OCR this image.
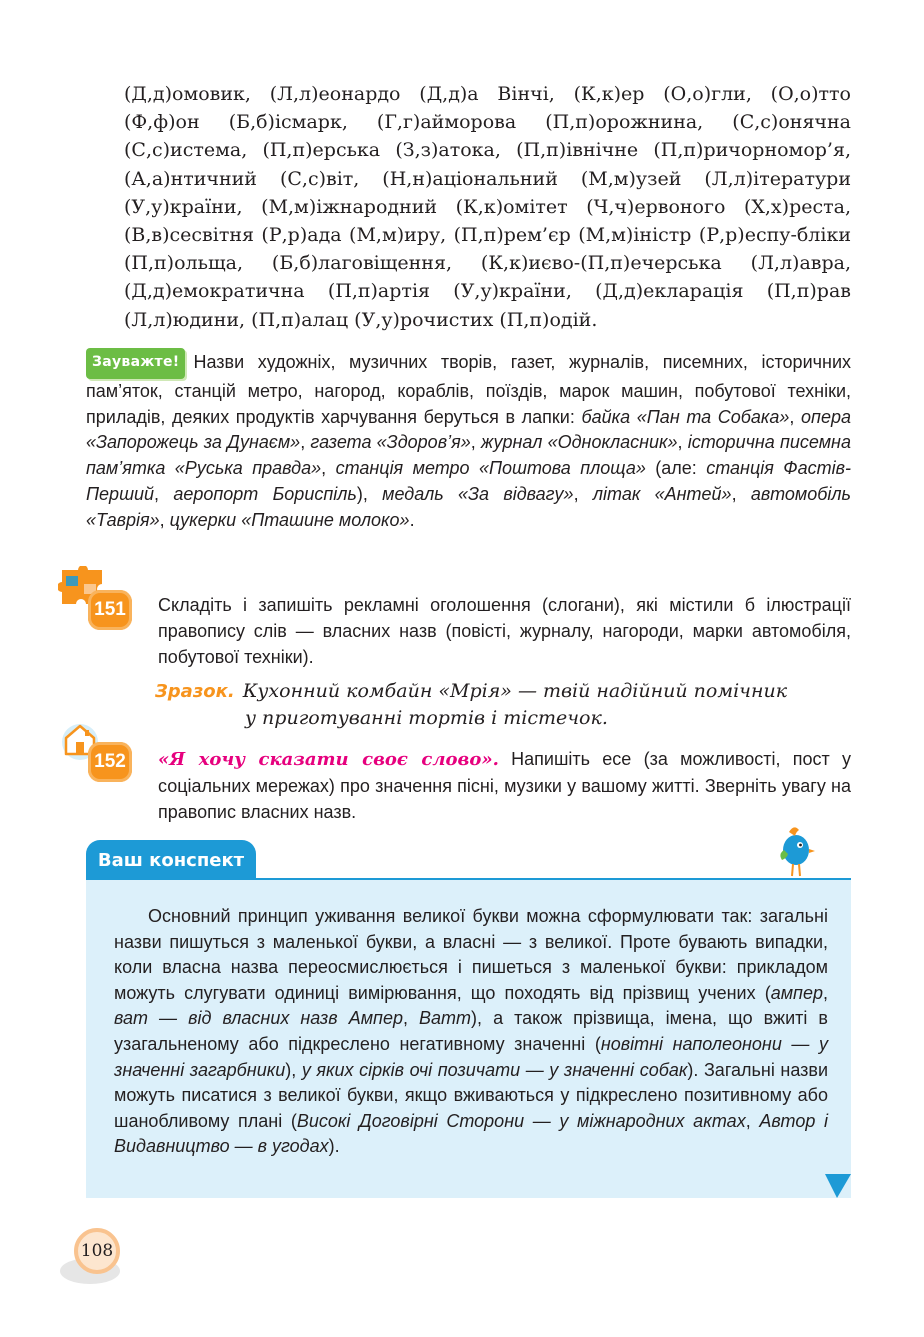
(Д,д)омовик, (Л,л)еонардо (Д,д)а Вінчі, (К,к)ер (О,о)гли, (О,о)тто (Ф,ф)он (Б,б)ісмарк, (Г,г)айморова (П,п)орожнина, (С,с)онячна (С,с)истема, (П,п)ерська (З,з)атока, (П,п)івнічне (П,п)ричорномор’я, (А,а)нтичний (С,с)віт, (Н,н)аціональний (М,м)узей (Л,л)ітератури (У,у)країни, (М,м)іжнародний (К,к)омітет (Ч,ч)ервоного (Х,х)реста, (В,в)сесвітня (Р,р)ада (М,м)иру, (П,п)рем’єр (М,м)іністр (Р,р)еспу-бліки (П,п)ольща, (Б,б)лаговіщення, (К,к)иєво-(П,п)ечерська (Л,л)авра, (Д,д)емократична (П,п)артія (У,у)країни, (Д,д)екларація (П,п)рав (Л,л)юдини, (П,п)алац (У,у)рочистих (П,п)одій.
Зауважте! Назви художніх, музичних творів, газет, журналів, писемних, історичних пам’яток, станцій метро, нагород, кораблів, поїздів, марок машин, побутової техніки, приладів, деяких продуктів харчування беруться в лапки: байка «Пан та Собака», опера «Запорожець за Дунаєм», газета «Здоров’я», журнал «Однокласник», історична писемна пам’ятка «Руська правда», станція метро «Поштова площа» (але: станція Фастів-Перший, аеропорт Бориспіль), медаль «За відвагу», літак «Антей», автомобіль «Таврія», цукерки «Пташине молоко».
151	Складіть і запишіть рекламні оголошення (слогани), які містили б ілюстрації правопису слів — власних назв (повісті, журналу, нагороди, марки автомобіля, побутової техніки).
Зразок. Кухонний комбайн «Мрія» — твій надійний помічник
у приготуванні тортів і тістечок.
152	«Я хочу сказати своє слово». Напишіть есе (за можливості, пост у соціальних мережах) про значення пісні, музики у вашому житті. Зверніть увагу на правопис власних назв.
Ваш конспект
Основний принцип уживання великої букви можна сформулювати так: загальні назви пишуться з маленької букви, а власні — з великої. Проте бувають випадки, коли власна назва переосмислюється і пишеться з маленької букви: прикладом можуть слугувати одиниці вимірювання, що походять від прізвищ учених (ампер, ват — від власних назв Ампер, Ватт), а також прізвища, імена, що вжиті в узагальненому або підкреслено негативному значенні (новітні наполеонони — у значенні загарбники), у яких сірків очі позичати — у значенні собак). Загальні назви можуть писатися з великої букви, якщо вживаються у підкреслено позитивному або шанобливому плані (Високі Договірні Сторони — у міжнародних актах, Автор і Видавництво — в угодах).
108
